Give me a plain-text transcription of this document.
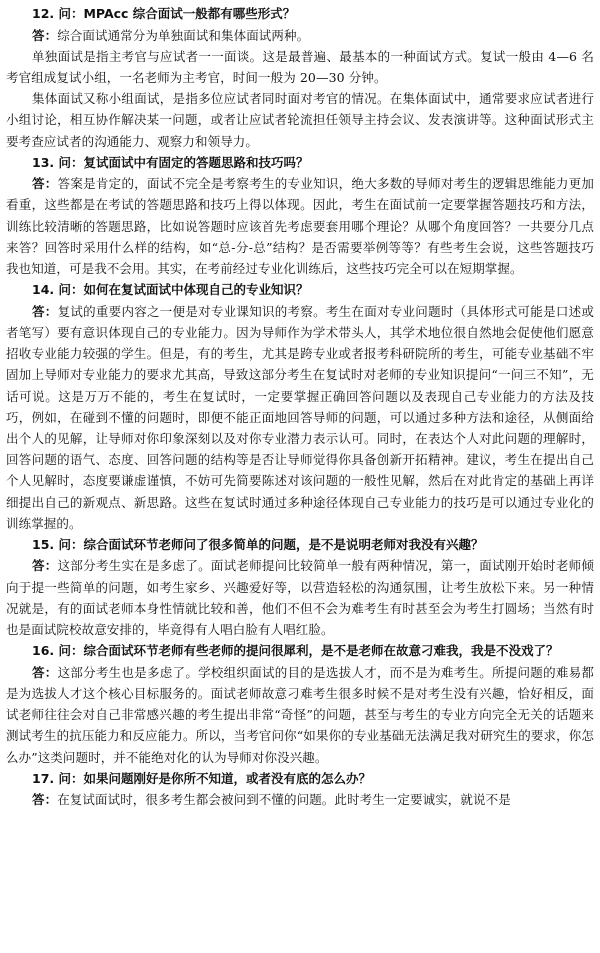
12. 问：MPAcc 综合面试一般都有哪些形式？

答：综合面试通常分为单独面试和集体面试两种。

单独面试是指主考官与应试者一一面谈。这是最普遍、最基本的一种面试方式。复试一般由 4—6 名考官组成复试小组，一名老师为主考官，时间一般为 20—30 分钟。

集体面试又称小组面试，是指多位应试者同时面对考官的情况。在集体面试中，通常要求应试者进行小组讨论，相互协作解决某一问题，或者让应试者轮流担任领导主持会议、发表演讲等。这种面试形式主要考查应试者的沟通能力、观察力和领导力。

13. 问：复试面试中有固定的答题思路和技巧吗？

答：答案是肯定的，面试不完全是考察考生的专业知识，绝大多数的导师对考生的逻辑思维能力更加看重，这些都是在考试的答题思路和技巧上得以体现。因此，考生在面试前一定要掌握答题技巧和方法，训练比较清晰的答题思路，比如说答题时应该首先考虑要套用哪个理论？从哪个角度回答？一共要分几点来答？回答时采用什么样的结构，如“总-分-总”结构？是否需要举例等等？有些考生会说，这些答题技巧我也知道，可是我不会用。其实，在考前经过专业化训练后，这些技巧完全可以在短期掌握。

14. 问：如何在复试面试中体现自己的专业知识？

答：复试的重要内容之一便是对专业课知识的考察。考生在面对专业问题时（具体形式可能是口述或者笔写）要有意识体现自己的专业能力。因为导师作为学术带头人，其学术地位很自然地会促使他们愿意招收专业能力较强的学生。但是，有的考生，尤其是跨专业或者报考科研院所的考生，可能专业基础不牢固加上导师对专业能力的要求尤其高，导致这部分考生在复试时对老师的专业知识提问“一问三不知”，无话可说。这是万万不能的，考生在复试时，一定要掌握正确回答问题以及表现自己专业能力的方法及技巧，例如，在碰到不懂的问题时，即便不能正面地回答导师的问题，可以通过多种方法和途径，从侧面给出个人的见解，让导师对你印象深刻以及对你专业潜力表示认可。同时，在表达个人对此问题的理解时，回答问题的语气、态度、回答问题的结构等是否让导师觉得你具备创新开拓精神。建议，考生在提出自己个人见解时，态度要谦虚谨慎，不妨可先简要陈述对该问题的一般性见解，然后在对此肯定的基础上再详细提出自己的新观点、新思路。这些在复试时通过多种途径体现自己专业能力的技巧是可以通过专业化的训练掌握的。

15. 问：综合面试环节老师问了很多简单的问题，是不是说明老师对我没有兴趣？

答：这部分考生实在是多虑了。面试老师提问比较简单一般有两种情况，第一，面试刚开始时老师倾向于提一些简单的问题，如考生家乡、兴趣爱好等，以营造轻松的沟通氛围，让考生放松下来。另一种情况就是，有的面试老师本身性情就比较和善，他们不但不会为难考生有时甚至会为考生打圆场；当然有时也是面试院校故意安排的，毕竟得有人唱白脸有人唱红脸。

16. 问：综合面试环节老师有些老师的提问很犀利，是不是老师在故意刁难我，我是不没戏了？

答：这部分考生也是多虑了。学校组织面试的目的是选拔人才，而不是为难考生。所提问题的难易都是为选拔人才这个核心目标服务的。面试老师故意刁难考生很多时候不是对考生没有兴趣，恰好相反，面试老师往往会对自己非常感兴趣的考生提出非常“奇怪”的问题，甚至与考生的专业方向完全无关的话题来测试考生的抗压能力和反应能力。所以，当考官问你“如果你的专业基础无法满足我对研究生的要求，你怎么办”这类问题时，并不能绝对化的认为导师对你没兴趣。

17. 问：如果问题刚好是你所不知道，或者没有底的怎么办？

答：在复试面试时，很多考生都会被问到不懂的问题。此时考生一定要诚实，就说不是
